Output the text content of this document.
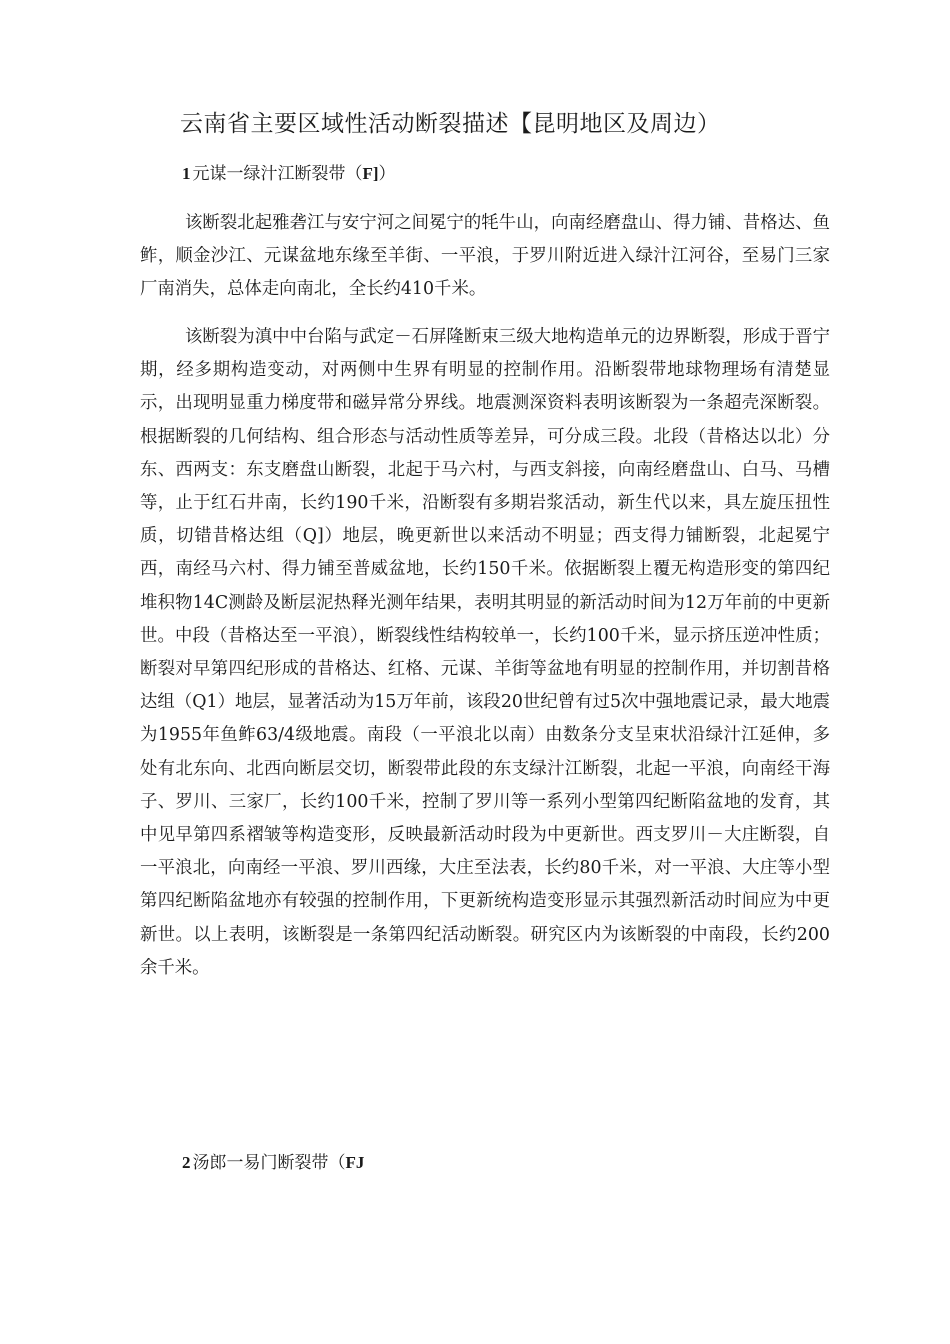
云南省主要区域性活动断裂描述【昆明地区及周边）
1 元谋一绿汁江断裂带（F]）

该断裂北起雅砻江与安宁河之间冕宁的牦牛山，向南经磨盘山、得力铺、昔格达、鱼鲊，顺金沙江、元谋盆地东缘至羊街、一平浪，于罗川附近进入绿汁江河谷，至易门三家厂南消失，总体走向南北，全长约410千米。

该断裂为滇中中台陷与武定－石屏隆断束三级大地构造单元的边界断裂，形成于晋宁期，经多期构造变动，对两侧中生界有明显的控制作用。沿断裂带地球物理场有清楚显示，出现明显重力梯度带和磁异常分界线。地震测深资料表明该断裂为一条超壳深断裂。根据断裂的几何结构、组合形态与活动性质等差异，可分成三段。北段（昔格达以北）分东、西两支：东支磨盘山断裂，北起于马六村，与西支斜接，向南经磨盘山、白马、马槽等，止于红石井南，长约190千米，沿断裂有多期岩浆活动，新生代以来，具左旋压扭性质，切错昔格达组（Q]）地层，晚更新世以来活动不明显；西支得力铺断裂，北起冕宁西，南经马六村、得力铺至普威盆地，长约150千米。依据断裂上覆无构造形变的第四纪堆积物14C测龄及断层泥热释光测年结果，表明其明显的新活动时间为12万年前的中更新世。中段（昔格达至一平浪），断裂线性结构较单一，长约100千米，显示挤压逆冲性质；断裂对早第四纪形成的昔格达、红格、元谋、羊街等盆地有明显的控制作用，并切割昔格达组（Q1）地层，显著活动为15万年前，该段20世纪曾有过5次中强地震记录，最大地震为1955年鱼鲊63/4级地震。南段（一平浪北以南）由数条分支呈束状沿绿汁江延伸，多处有北东向、北西向断层交切，断裂带此段的东支绿汁江断裂，北起一平浪，向南经干海子、罗川、三家厂，长约100千米，控制了罗川等一系列小型第四纪断陷盆地的发育，其中见早第四系褶皱等构造变形，反映最新活动时段为中更新世。西支罗川－大庄断裂，自一平浪北，向南经一平浪、罗川西缘，大庄至法表，长约80千米，对一平浪、大庄等小型第四纪断陷盆地亦有较强的控制作用，下更新统构造变形显示其强烈新活动时间应为中更新世。以上表明，该断裂是一条第四纪活动断裂。研究区内为该断裂的中南段，长约200余千米。

2 汤郎一易门断裂带（FJ
